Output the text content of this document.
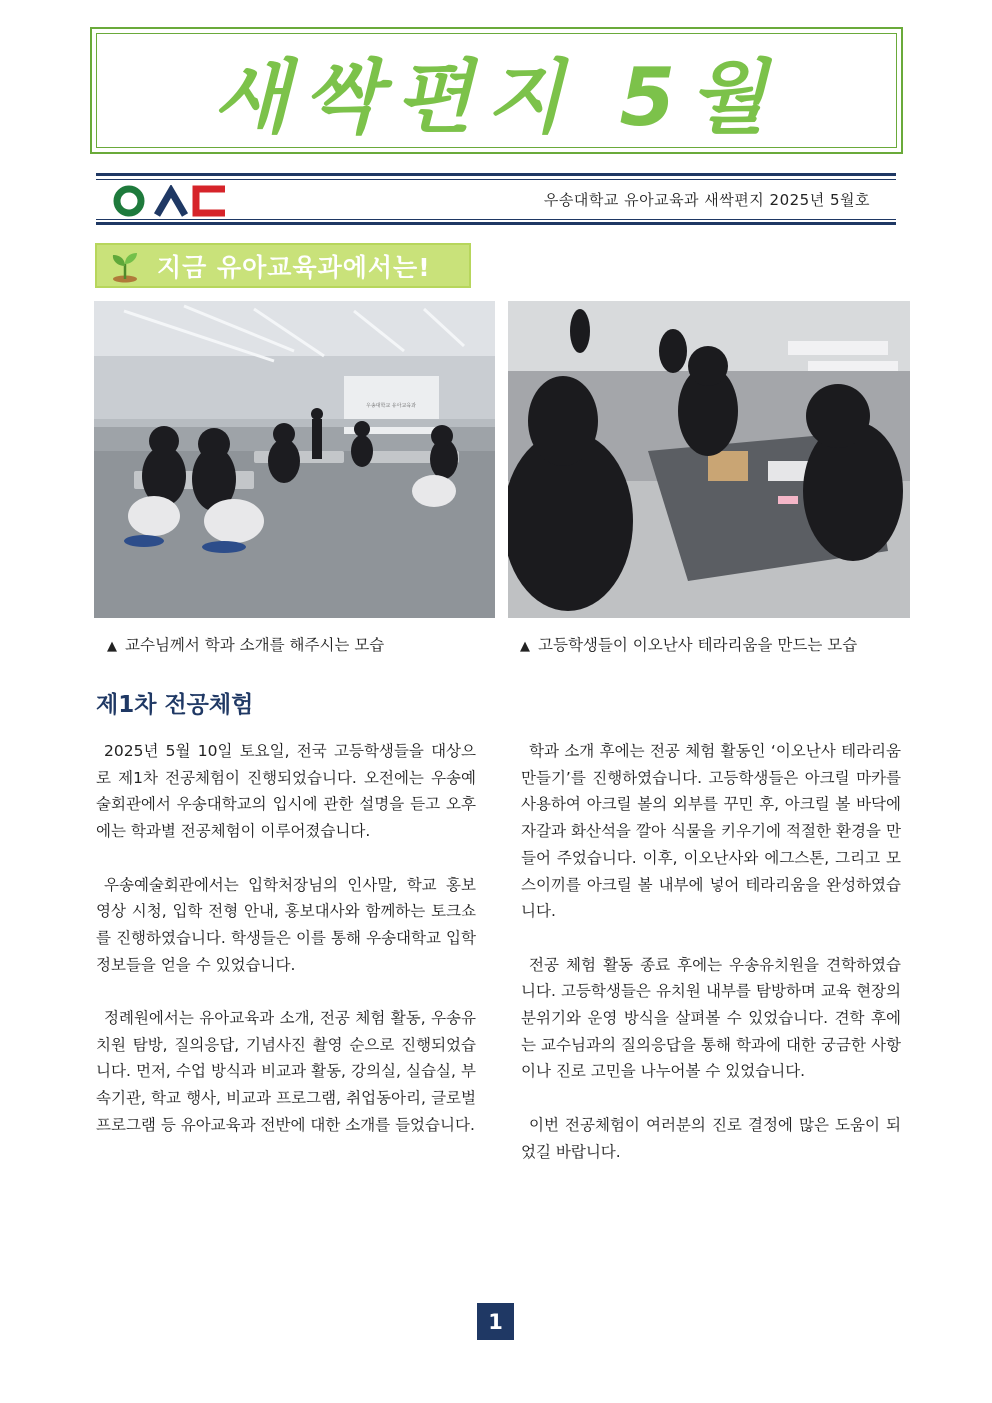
새싹편지 5월
우송대학교 유아교육과 새싹편지 2025년 5월호
지금 유아교육과에서는!
우송대학교 유아교육과
▲ 교수님께서 학과 소개를 해주시는 모습	▲ 고등학생들이 이오난사 테라리움을 만드는 모습
제1차 전공체험

2025년 5월 10일 토요일, 전국 고등학생들을 대상으로 제1차 전공체험이 진행되었습니다. 오전에는 우송예술회관에서 우송대학교의 입시에 관한 설명을 듣고 오후에는 학과별 전공체험이 이루어졌습니다.

우송예술회관에서는 입학처장님의 인사말, 학교 홍보 영상 시청, 입학 전형 안내, 홍보대사와 함께하는 토크쇼를 진행하였습니다. 학생들은 이를 통해 우송대학교 입학 정보들을 얻을 수 있었습니다.

정례원에서는 유아교육과 소개, 전공 체험 활동, 우송유치원 탐방, 질의응답, 기념사진 촬영 순으로 진행되었습니다. 먼저, 수업 방식과 비교과 활동, 강의실, 실습실, 부속기관, 학교 행사, 비교과 프로그램, 취업동아리, 글로벌 프로그램 등 유아교육과 전반에 대한 소개를 들었습니다.

학과 소개 후에는 전공 체험 활동인 ‘이오난사 테라리움 만들기’를 진행하였습니다. 고등학생들은 아크릴 마카를 사용하여 아크릴 볼의 외부를 꾸민 후, 아크릴 볼 바닥에 자갈과 화산석을 깔아 식물을 키우기에 적절한 환경을 만들어 주었습니다. 이후, 이오난사와 에그스톤, 그리고 모스이끼를 아크릴 볼 내부에 넣어 테라리움을 완성하였습니다.

전공 체험 활동 종료 후에는 우송유치원을 견학하였습니다. 고등학생들은 유치원 내부를 탐방하며 교육 현장의 분위기와 운영 방식을 살펴볼 수 있었습니다. 견학 후에는 교수님과의 질의응답을 통해 학과에 대한 궁금한 사항이나 진로 고민을 나누어볼 수 있었습니다.

이번 전공체험이 여러분의 진로 결정에 많은 도움이 되었길 바랍니다.

1
